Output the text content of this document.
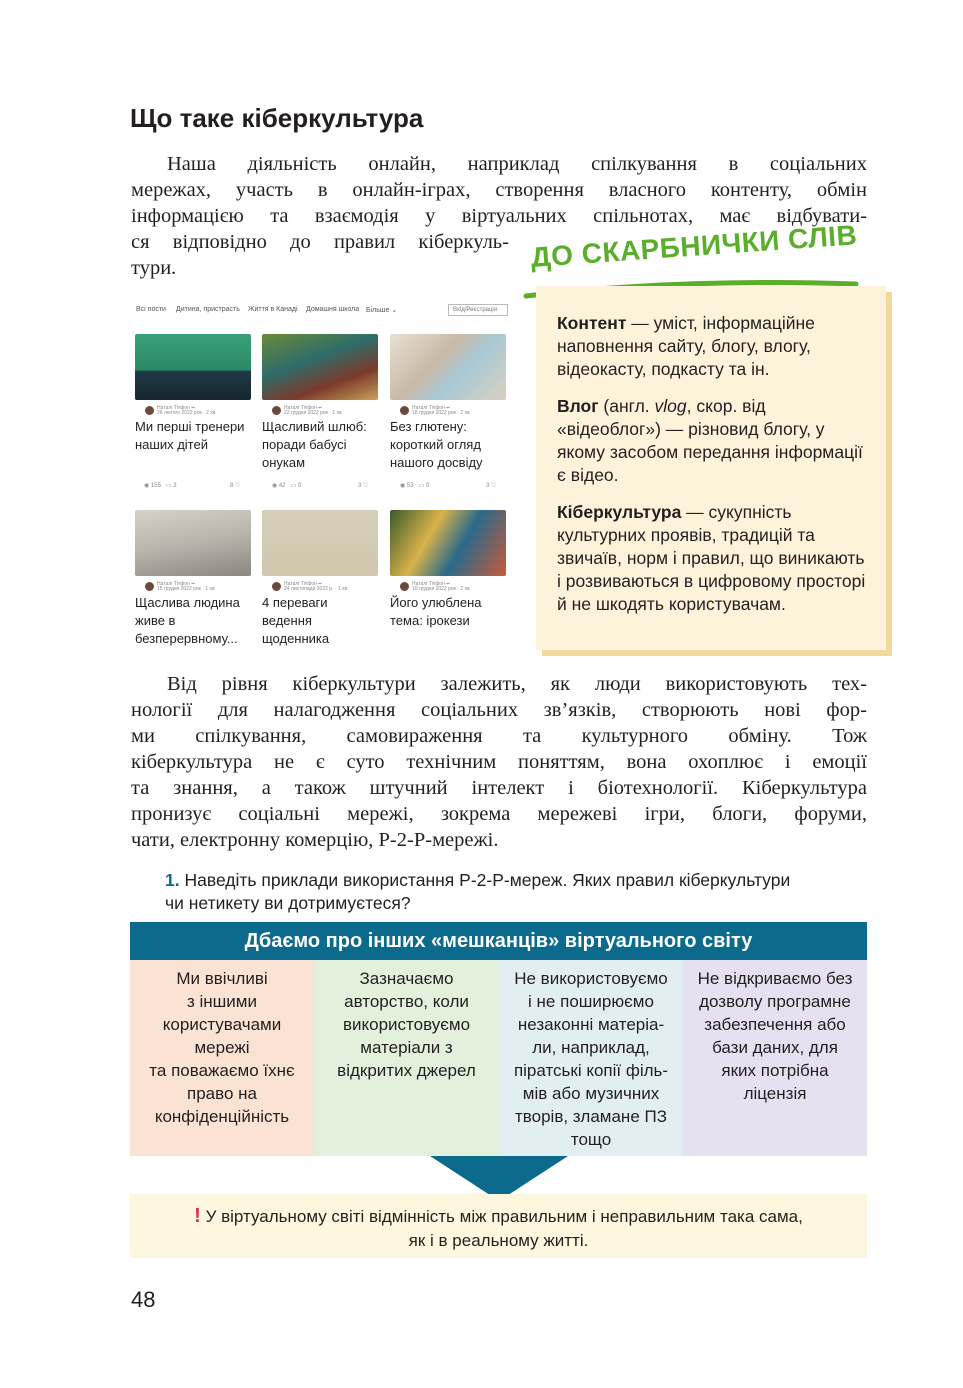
Що таке кіберкультура
Наша діяльність онлайн, наприклад спілкування в соціальних
мережах, участь в онлайн-іграх, створення власного контенту, обмін
інформацією та взаємодія у віртуальних спільнотах, має відбувати-
ся відповідно до правил кіберкуль-
тури.	ДО СКАРБНИЧКИ СЛІВ

Контент — уміст, інформаційне наповнення сайту, блогу, влогу, відеокасту, подкасту та ін.

Влог (англ. vlog, скор. від «відеоблог») — різновид блогу, у якому засобом передання інформації є відео.

Кіберкультура — сукупність культурних проявів, традицій та звичаїв, норм і правил, що виникають і розвиваються в цифровому просторі й не шкодять користувачам.

Всі пости Дитина, пристрасть Життя в Канаді Домашня школа Більше ⌄	Вхід/Реєстрація
Наталі Тітфон ▪▪
26 лютого 2022 рок · 2 хв
Ми перші тренери наших дітей
◉ 155   ▭ 3	8 ♡
Наталі Тітфон ▪▪
22 грудня 2022 рок · 1 хв
Щасливий шлюб: поради бабусі онукам
◉ 42   ▭ 0	3 ♡
Наталі Тітфон ▪▪
18 грудня 2022 рок · 2 хв
Без глютену: короткий огляд нашого досвіду
◉ 53   ▭ 0	3 ♡
Наталі Тітфон ▪▪
15 грудня 2022 рок · 1 хв
Щаслива людина живе в безперервному...
Наталі Тітфон ▪▪
24 листопада 2022 р. · 1 хв
4 переваги ведення щоденника
Наталі Тітфон ▪▪
10 грудня 2022 рок · 2 хв
Його улюблена тема: ірокези
Від рівня кіберкультури залежить, як люди використовують тех-
нології для налагодження соціальних зв’язків, створюють нові фор-
ми спілкування, самовираження та культурного обміну. Тож
кіберкультура не є суто технічним поняттям, вона охоплює і емоції
та знання, а також штучний інтелект і біотехнології. Кіберкультура
пронизує соціальні мережі, зокрема мережеві ігри, блоги, форуми,
чати, електронну комерцію, P-2-P-мережі.
1. Наведіть приклади використання P-2-P-мереж. Яких правил кіберкультури
чи нетикету ви дотримуєтеся?
Дбаємо про інших «мешканців» віртуального світу
Ми ввічливі
з іншими
користувачами
мережі
та поважаємо їхнє
право на
конфіденційність
Зазначаємо
авторство, коли
використовуємо
матеріали з
відкритих джерел
Не використовуємо
і не поширюємо
незаконні матеріа-
ли, наприклад,
піратські копії філь-
мів або музичних
творів, зламане ПЗ
тощо
Не відкриваємо без
дозволу програмне
забезпечення або
бази даних, для
яких потрібна
ліцензія
! У віртуальному світі відмінність між правильним і неправильним така сама,
як і в реальному житті.
48
